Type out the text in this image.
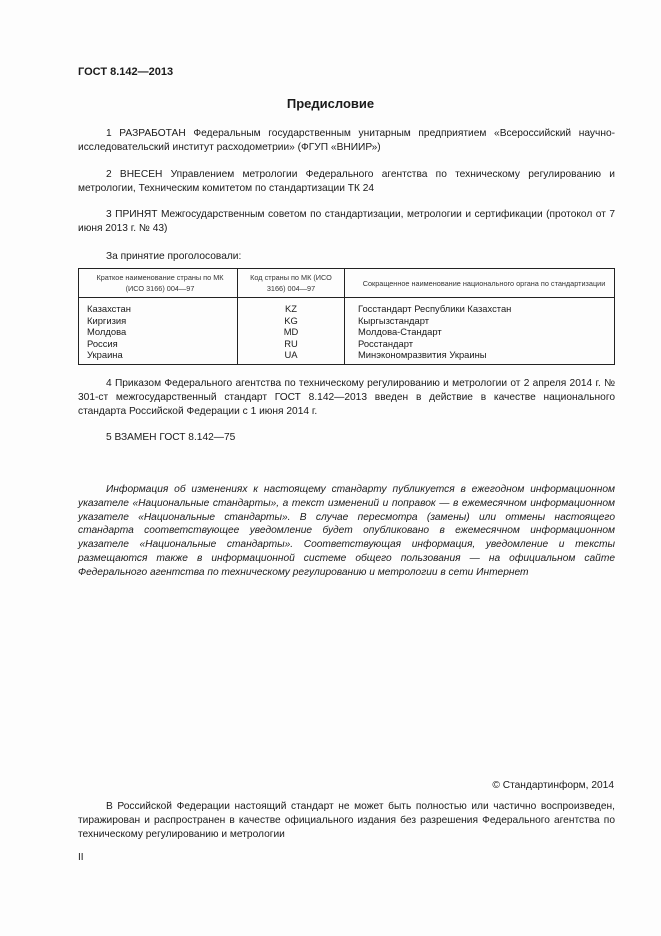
ГОСТ 8.142—2013
Предисловие
1 РАЗРАБОТАН Федеральным государственным унитарным предприятием «Всероссийский научно-исследовательский институт расходометрии» (ФГУП «ВНИИР»)
2 ВНЕСЕН Управлением метрологии Федерального агентства по техническому регулированию и метрологии, Техническим комитетом по стандартизации ТК 24
3 ПРИНЯТ Межгосударственным советом по стандартизации, метрологии и сертификации (протокол от 7 июня 2013 г. № 43)
За принятие проголосовали:
Краткое наименование страны по МК (ИСО 3166) 004—97	Код страны по МК (ИСО 3166) 004—97	Сокращенное наименование национального органа по стандартизации
Казахстан	KZ	Госстандарт Республики Казахстан
Киргизия	KG	Кыргызстандарт
Молдова	MD	Молдова-Стандарт
Россия	RU	Росстандарт
Украина	UA	Минэкономразвития Украины
4 Приказом Федерального агентства по техническому регулированию и метрологии от 2 апреля 2014 г. № 301-ст межгосударственный стандарт ГОСТ 8.142—2013 введен в действие в качестве национального стандарта Российской Федерации с 1 июня 2014 г.
5 ВЗАМЕН ГОСТ 8.142—75
Информация об изменениях к настоящему стандарту публикуется в ежегодном информационном указателе «Национальные стандарты», а текст изменений и поправок — в ежемесячном информационном указателе «Национальные стандарты». В случае пересмотра (замены) или отмены настоящего стандарта соответствующее уведомление будет опубликовано в ежемесячном информационном указателе «Национальные стандарты». Соответствующая информация, уведомление и тексты размещаются также в информационной системе общего пользования — на официальном сайте Федерального агентства по техническому регулированию и метрологии в сети Интернет
© Стандартинформ, 2014
В Российской Федерации настоящий стандарт не может быть полностью или частично воспроизведен, тиражирован и распространен в качестве официального издания без разрешения Федерального агентства по техническому регулированию и метрологии
II
